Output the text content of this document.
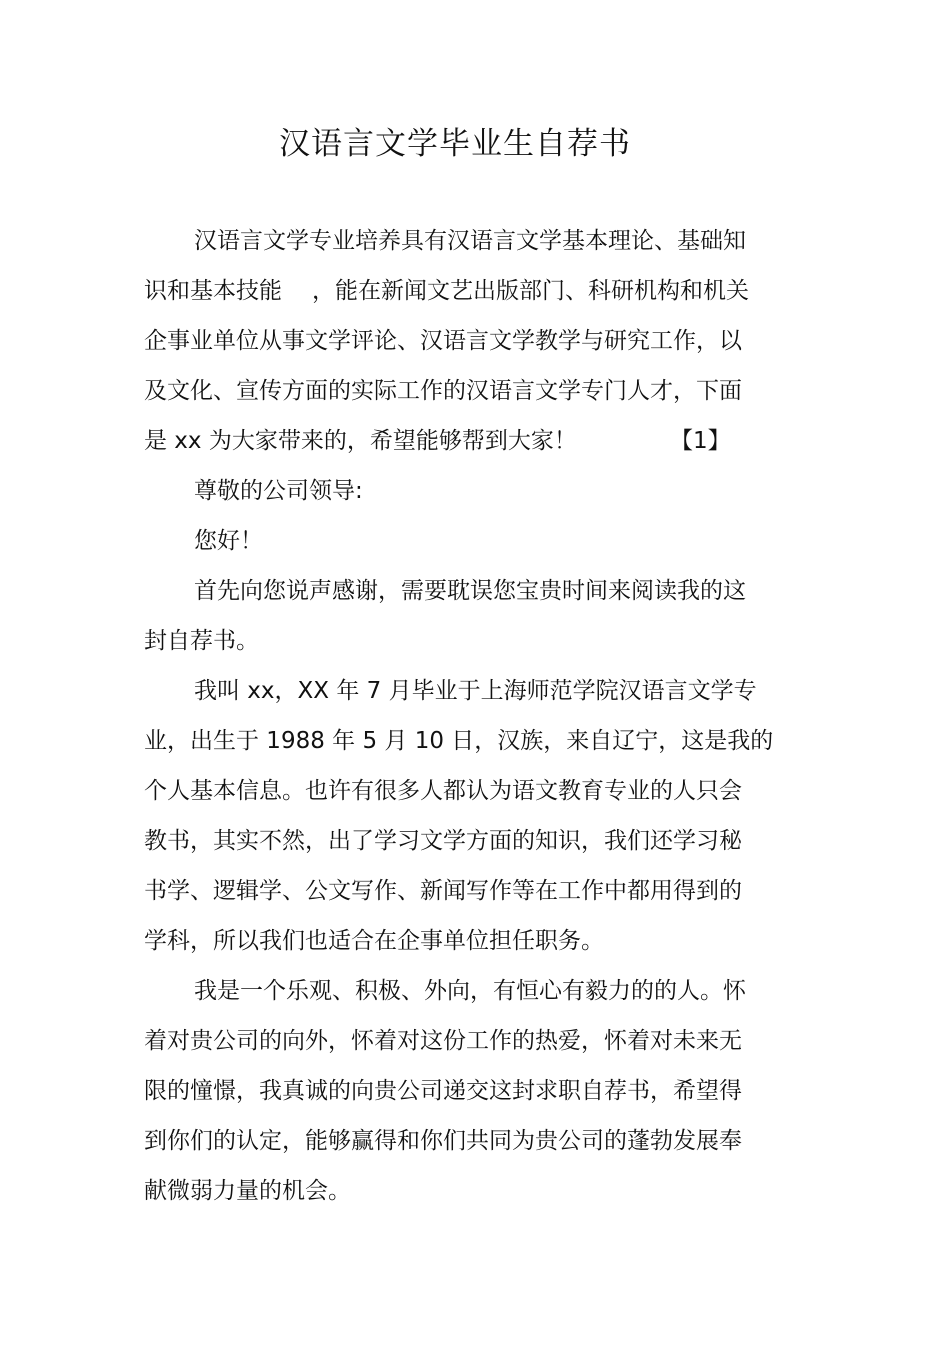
汉语言文学毕业生自荐书
汉语言文学专业培养具有汉语言文学基本理论、基础知
识和基本技能 ，能在新闻文艺出版部门、科研机构和机关
企事业单位从事文学评论、汉语言文学教学与研究工作，以
及文化、宣传方面的实际工作的汉语言文学专门人才，下面
是 xx 为大家带来的，希望能够帮到大家！	【1】
尊敬的公司领导:
您好！
首先向您说声感谢，需要耽误您宝贵时间来阅读我的这
封自荐书。
我叫 xx，XX 年 7 月毕业于上海师范学院汉语言文学专
业，出生于 1988 年 5 月 10 日，汉族，来自辽宁，这是我的
个人基本信息。也许有很多人都认为语文教育专业的人只会
教书，其实不然，出了学习文学方面的知识，我们还学习秘
书学、逻辑学、公文写作、新闻写作等在工作中都用得到的
学科，所以我们也适合在企事单位担任职务。
我是一个乐观、积极、外向，有恒心有毅力的的人。怀
着对贵公司的向外，怀着对这份工作的热爱，怀着对未来无
限的憧憬，我真诚的向贵公司递交这封求职自荐书，希望得
到你们的认定，能够赢得和你们共同为贵公司的蓬勃发展奉
献微弱力量的机会。
